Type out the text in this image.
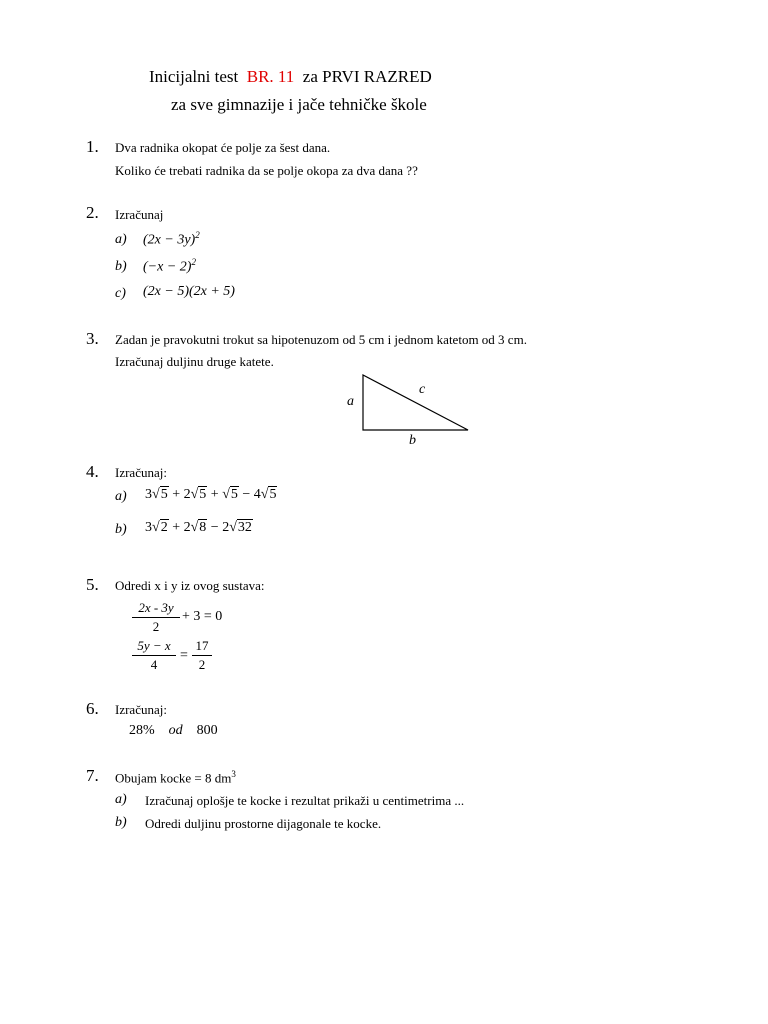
Inicijalni test BR. 11 za PRVI RAZRED
za sve gimnazije i jače tehničke škole
1. Dva radnika okopat će polje za šest dana.
Koliko će trebati radnika da se polje okopa za dva dana ??
2. Izračunaj
a) $(2x - 3y)^2$
b) $(-x - 2)^2$
c) (2x − 5)(2x + 5)
3. Zadan je pravokutni trokut sa hipotenuzom od 5 cm i jednom katetom od 3 cm.
Izračunaj duljinu druge katete.
a
c
b
4. Izračunaj:
a) 3√5 + 2√5 + √5 − 4√5
b) 3√2 + 2√8 − 2√32
5. Odredi x i y iz ovog sustava:
2x - 3y
2
+ 3 = 0
5y − x
4
=
17
2
6. Izračunaj:
28% od 800
7. Obujam kocke = 8 $dm^3$
a) Izračunaj oplošje te kocke i rezultat prikaži u centimetrima ...
b) Odredi duljinu prostorne dijagonale te kocke.
